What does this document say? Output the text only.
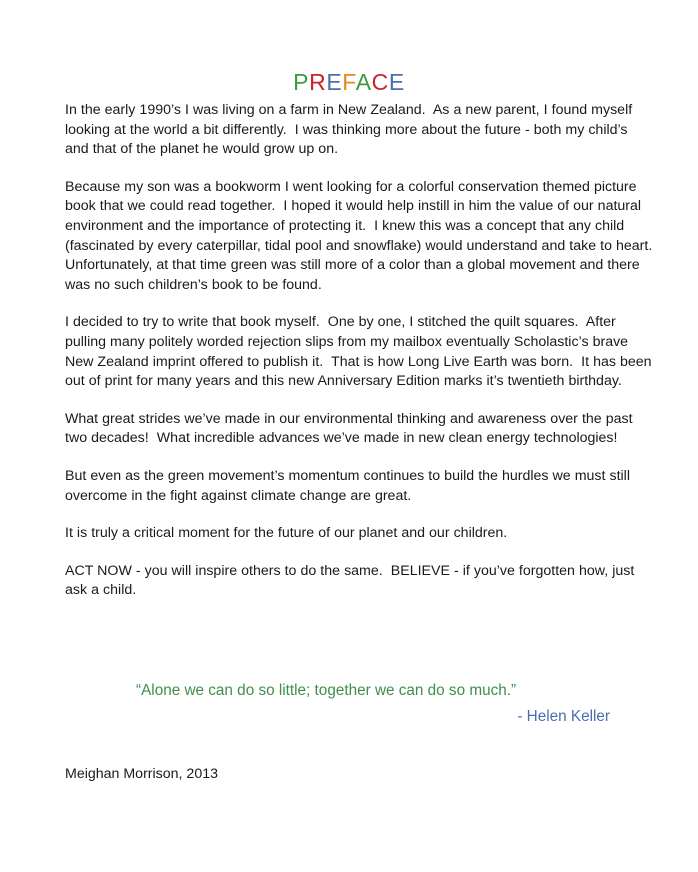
PREFACE

In the early 1990’s I was living on a farm in New Zealand.  As a new parent, I found myself looking at the world a bit differently.  I was thinking more about the future - both my child’s and that of the planet he would grow up on.

Because my son was a bookworm I went looking for a colorful conservation themed picture book that we could read together.  I hoped it would help instill in him the value of our natural environment and the importance of protecting it.  I knew this was a concept that any child (fascinated by every caterpillar, tidal pool and snowflake) would understand and take to heart.  Unfortunately, at that time green was still more of a color than a global movement and there was no such children’s book to be found.

I decided to try to write that book myself.  One by one, I stitched the quilt squares.  After pulling many politely worded rejection slips from my mailbox eventually Scholastic’s brave New Zealand imprint offered to publish it.  That is how Long Live Earth was born.  It has been out of print for many years and this new Anniversary Edition marks it’s twentieth birthday.

What great strides we’ve made in our environmental thinking and awareness over the past two decades!  What incredible advances we’ve made in new clean energy technologies!

But even as the green movement’s momentum continues to build the hurdles we must still overcome in the fight against climate change are great.

It is truly a critical moment for the future of our planet and our children.

ACT NOW - you will inspire others to do the same.  BELIEVE - if you’ve forgotten how, just ask a child.

“Alone we can do so little; together we can do so much.”
- Helen Keller
Meighan Morrison, 2013
